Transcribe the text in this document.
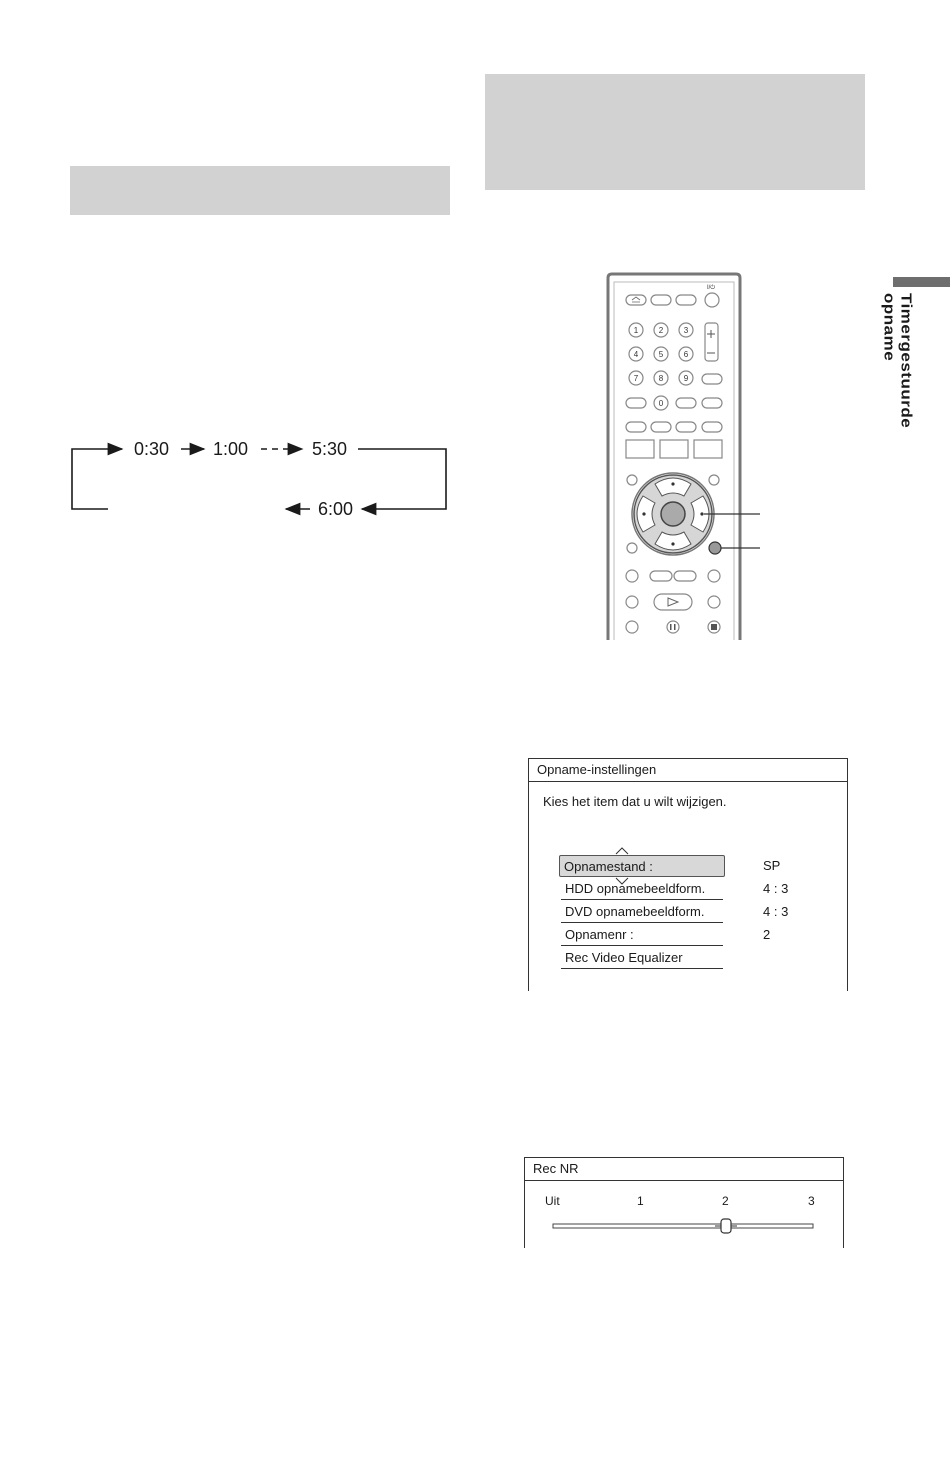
Timergestuurde opname
0:30 1:00	5:30
6:00
1	2	3
4	5	6
7	8	9
0
I/⏻
Opname-instellingen
Kies het item dat u wilt wijzigen.
Opnamestand :	SP
HDD opnamebeeldform.	4 : 3
DVD opnamebeeldform.	4 : 3
Opnamenr :	2
Rec Video Equalizer
Rec NR
Uit	1	2	3
